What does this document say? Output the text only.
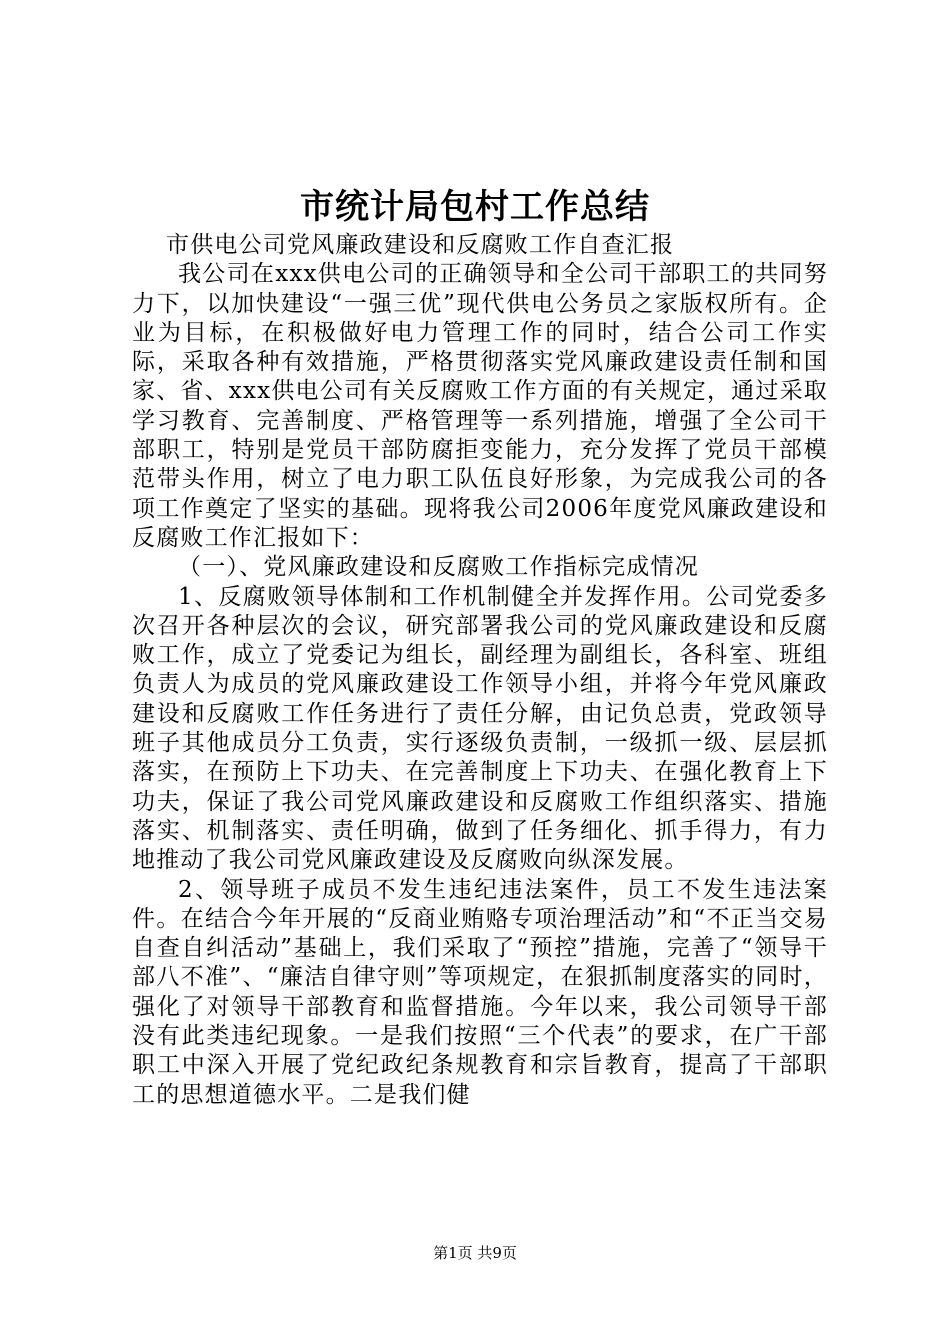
市统计局包村工作总结

市供电公司党风廉政建设和反腐败工作自查汇报

我公司在xxx供电公司的正确领导和全公司干部职工的共同努力下，以加快建设“一强三优”现代供电公务员之家版权所有。企业为目标，在积极做好电力管理工作的同时，结合公司工作实际，采取各种有效措施，严格贯彻落实党风廉政建设责任制和国家、省、xxx供电公司有关反腐败工作方面的有关规定，通过采取学习教育、完善制度、严格管理等一系列措施，增强了全公司干部职工，特别是党员干部防腐拒变能力，充分发挥了党员干部模范带头作用，树立了电力职工队伍良好形象，为完成我公司的各项工作奠定了坚实的基础。现将我公司2006年度党风廉政建设和反腐败工作汇报如下：

（一）、党风廉政建设和反腐败工作指标完成情况

1、反腐败领导体制和工作机制健全并发挥作用。公司党委多次召开各种层次的会议，研究部署我公司的党风廉政建设和反腐败工作，成立了党委记为组长，副经理为副组长，各科室、班组负责人为成员的党风廉政建设工作领导小组，并将今年党风廉政建设和反腐败工作任务进行了责任分解，由记负总责，党政领导班子其他成员分工负责，实行逐级负责制，一级抓一级、层层抓落实，在预防上下功夫、在完善制度上下功夫、在强化教育上下功夫，保证了我公司党风廉政建设和反腐败工作组织落实、措施落实、机制落实、责任明确，做到了任务细化、抓手得力，有力地推动了我公司党风廉政建设及反腐败向纵深发展。

2、领导班子成员不发生违纪违法案件，员工不发生违法案件。在结合今年开展的“反商业贿赂专项治理活动”和“不正当交易自查自纠活动”基础上，我们采取了“预控”措施，完善了“领导干部八不准”、“廉洁自律守则”等项规定，在狠抓制度落实的同时，强化了对领导干部教育和监督措施。今年以来，我公司领导干部没有此类违纪现象。一是我们按照“三个代表”的要求，在广干部职工中深入开展了党纪政纪条规教育和宗旨教育，提高了干部职工的思想道德水平。二是我们健

第1页 共9页
